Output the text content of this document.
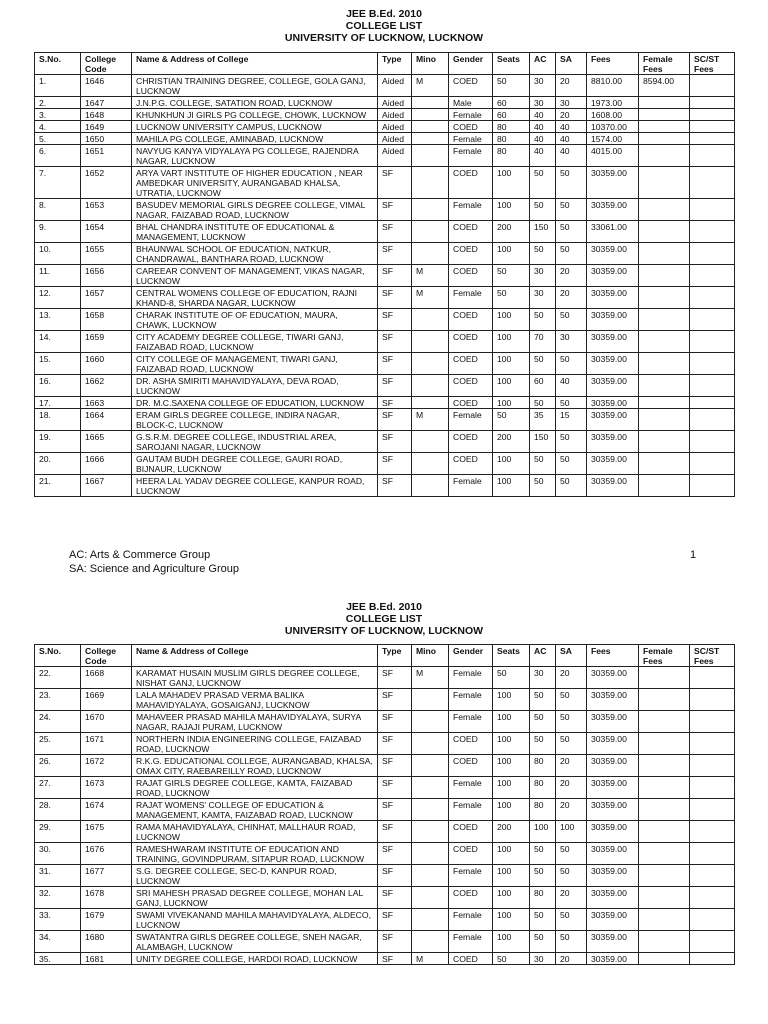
JEE B.Ed. 2010
COLLEGE LIST
UNIVERSITY OF LUCKNOW, LUCKNOW
S.No.	College Code	Name & Address of College	Type	Mino	Gender	Seats	AC	SA	Fees	Female Fees	SC/ST Fees
1.	1646	CHRISTIAN TRAINING DEGREE, COLLEGE, GOLA GANJ, LUCKNOW	Aided	M	COED	50	30	20	8810.00	8594.00	
2.	1647	J.N.P.G. COLLEGE, SATATION ROAD, LUCKNOW	Aided		Male	60	30	30	1973.00		
3.	1648	KHUNKHUN JI GIRLS PG COLLEGE, CHOWK, LUCKNOW	Aided		Female	60	40	20	1608.00		
4.	1649	LUCKNOW UNIVERSITY CAMPUS, LUCKNOW	Aided		COED	80	40	40	10370.00		
5.	1650	MAHILA PG COLLEGE, AMINABAD, LUCKNOW	Aided		Female	80	40	40	1574.00		
6.	1651	NAVYUG KANYA VIDYALAYA PG COLLEGE, RAJENDRA NAGAR, LUCKNOW	Aided		Female	80	40	40	4015.00		
7.	1652	ARYA VART INSTITUTE OF HIGHER EDUCATION , NEAR AMBEDKAR UNIVERSITY, AURANGABAD KHALSA, UTRATIA, LUCKNOW	SF		COED	100	50	50	30359.00		
8.	1653	BASUDEV MEMORIAL GIRLS DEGREE COLLEGE, VIMAL NAGAR, FAIZABAD ROAD, LUCKNOW	SF		Female	100	50	50	30359.00		
9.	1654	BHAL CHANDRA INSTITUTE OF EDUCATIONAL & MANAGEMENT, LUCKNOW	SF		COED	200	150	50	33061.00		
10.	1655	BHAUNWAL SCHOOL OF EDUCATION, NATKUR, CHANDRAWAL, BANTHARA ROAD, LUCKNOW	SF		COED	100	50	50	30359.00		
11.	1656	CAREEAR CONVENT OF MANAGEMENT, VIKAS NAGAR, LUCKNOW	SF	M	COED	50	30	20	30359.00		
12.	1657	CENTRAL WOMENS COLLEGE OF EDUCATION, RAJNI KHAND-8, SHARDA NAGAR, LUCKNOW	SF	M	Female	50	30	20	30359.00		
13.	1658	CHARAK INSTITUTE OF OF EDUCATION, MAURA, CHAWK, LUCKNOW	SF		COED	100	50	50	30359.00		
14.	1659	CITY ACADEMY DEGREE COLLEGE, TIWARI GANJ, FAIZABAD ROAD, LUCKNOW	SF		COED	100	70	30	30359.00		
15.	1660	CITY COLLEGE OF MANAGEMENT, TIWARI GANJ, FAIZABAD ROAD, LUCKNOW	SF		COED	100	50	50	30359.00		
16.	1662	DR. ASHA SMIRITI MAHAVIDYALAYA, DEVA ROAD, LUCKNOW	SF		COED	100	60	40	30359.00		
17.	1663	DR. M.C.SAXENA COLLEGE OF EDUCATION, LUCKNOW	SF		COED	100	50	50	30359.00		
18.	1664	ERAM GIRLS DEGREE COLLEGE, INDIRA NAGAR, BLOCK-C, LUCKNOW	SF	M	Female	50	35	15	30359.00		
19.	1665	G.S.R.M. DEGREE COLLEGE, INDUSTRIAL AREA, SAROJANI NAGAR, LUCKNOW	SF		COED	200	150	50	30359.00		
20.	1666	GAUTAM BUDH DEGREE COLLEGE, GAURI ROAD, BIJNAUR, LUCKNOW	SF		COED	100	50	50	30359.00		
21.	1667	HEERA LAL YADAV DEGREE COLLEGE, KANPUR ROAD, LUCKNOW	SF		Female	100	50	50	30359.00		
AC: Arts & Commerce Group
SA: Science and Agriculture Group
1
JEE B.Ed. 2010
COLLEGE LIST
UNIVERSITY OF LUCKNOW, LUCKNOW
S.No.	College Code	Name & Address of College	Type	Mino	Gender	Seats	AC	SA	Fees	Female Fees	SC/ST Fees
22.	1668	KARAMAT HUSAIN MUSLIM GIRLS DEGREE COLLEGE, NISHAT GANJ, LUCKNOW	SF	M	Female	50	30	20	30359.00		
23.	1669	LALA MAHADEV PRASAD VERMA BALIKA MAHAVIDYALAYA, GOSAIGANJ, LUCKNOW	SF		Female	100	50	50	30359.00		
24.	1670	MAHAVEER PRASAD MAHILA MAHAVIDYALAYA, SURYA NAGAR, RAJAJI PURAM, LUCKNOW	SF		Female	100	50	50	30359.00		
25.	1671	NORTHERN INDIA ENGINEERING COLLEGE, FAIZABAD ROAD, LUCKNOW	SF		COED	100	50	50	30359.00		
26.	1672	R.K.G. EDUCATIONAL COLLEGE, AURANGABAD, KHALSA, OMAX CITY, RAEBAREILLY ROAD, LUCKNOW	SF		COED	100	80	20	30359.00		
27.	1673	RAJAT GIRLS DEGREE COLLEGE, KAMTA, FAIZABAD ROAD, LUCKNOW	SF		Female	100	80	20	30359.00		
28.	1674	RAJAT WOMENS' COLLEGE OF EDUCATION & MANAGEMENT, KAMTA, FAIZABAD ROAD, LUCKNOW	SF		Female	100	80	20	30359.00		
29.	1675	RAMA MAHAVIDYALAYA, CHINHAT, MALLHAUR ROAD, LUCKNOW	SF		COED	200	100	100	30359.00		
30.	1676	RAMESHWARAM INSTITUTE OF EDUCATION AND TRAINING, GOVINDPURAM, SITAPUR ROAD, LUCKNOW	SF		COED	100	50	50	30359.00		
31.	1677	S.G. DEGREE COLLEGE, SEC-D, KANPUR ROAD, LUCKNOW	SF		Female	100	50	50	30359.00		
32.	1678	SRI MAHESH PRASAD DEGREE COLLEGE, MOHAN LAL GANJ, LUCKNOW	SF		COED	100	80	20	30359.00		
33.	1679	SWAMI VIVEKANAND MAHILA MAHAVIDYALAYA, ALDECO, LUCKNOW	SF		Female	100	50	50	30359.00		
34.	1680	SWATANTRA GIRLS DEGREE COLLEGE, SNEH NAGAR, ALAMBAGH, LUCKNOW	SF		Female	100	50	50	30359.00		
35.	1681	UNITY DEGREE COLLEGE, HARDOI ROAD, LUCKNOW	SF	M	COED	50	30	20	30359.00		
